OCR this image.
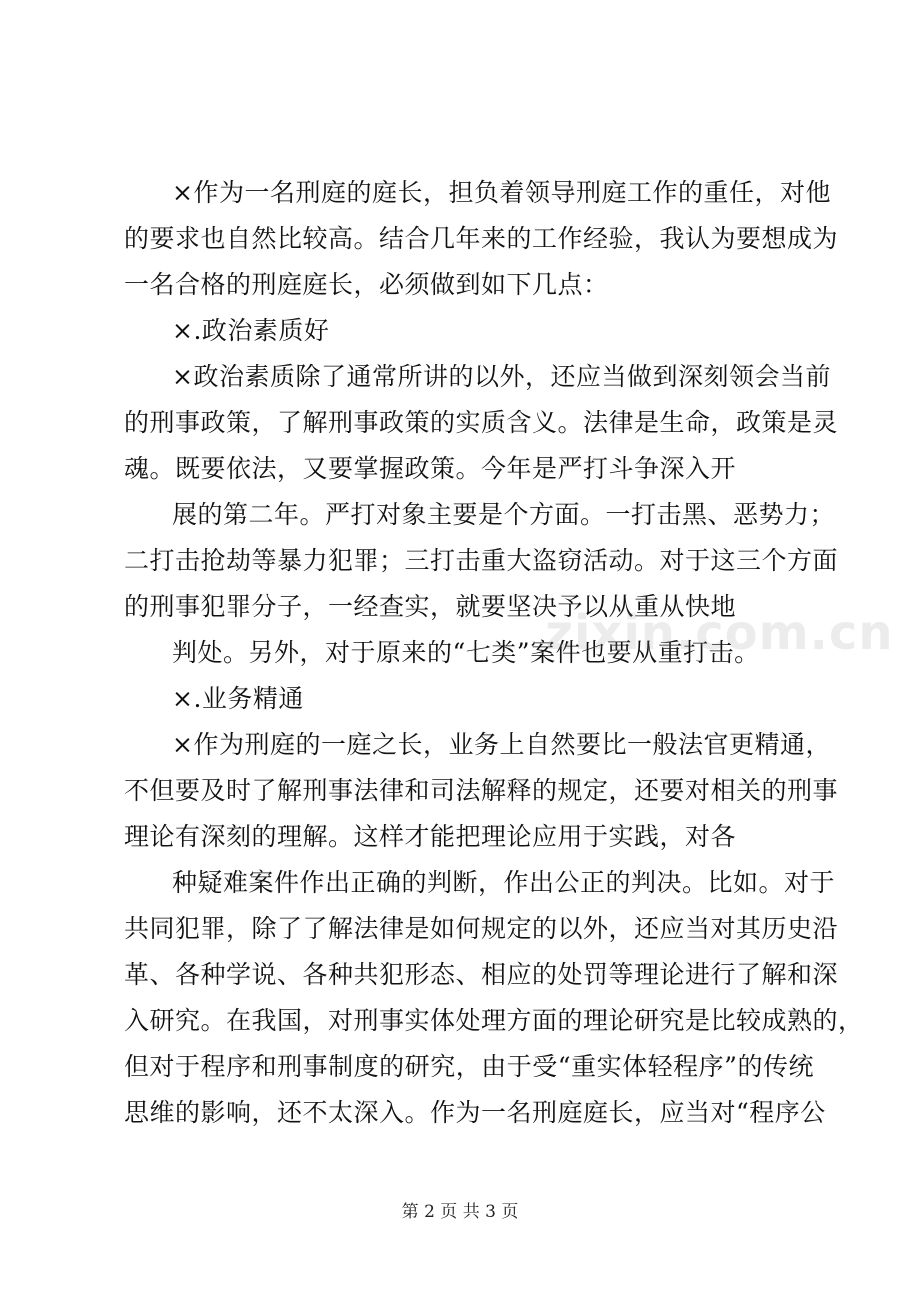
×作为一名刑庭的庭长，担负着领导刑庭工作的重任，对他
的要求也自然比较高。结合几年来的工作经验，我认为要想成为
一名合格的刑庭庭长，必须做到如下几点：
×.政治素质好
×政治素质除了通常所讲的以外，还应当做到深刻领会当前
的刑事政策，了解刑事政策的实质含义。法律是生命，政策是灵
魂。既要依法，又要掌握政策。今年是严打斗争深入开
展的第二年。严打对象主要是个方面。一打击黑、恶势力；
二打击抢劫等暴力犯罪；三打击重大盗窃活动。对于这三个方面
的刑事犯罪分子，一经查实，就要坚决予以从重从快地
判处。另外，对于原来的“七类”案件也要从重打击。
×.业务精通
×作为刑庭的一庭之长，业务上自然要比一般法官更精通，
不但要及时了解刑事法律和司法解释的规定，还要对相关的刑事
理论有深刻的理解。这样才能把理论应用于实践，对各
种疑难案件作出正确的判断，作出公正的判决。比如。对于
共同犯罪，除了了解法律是如何规定的以外，还应当对其历史沿
革、各种学说、各种共犯形态、相应的处罚等理论进行了解和深
入研究。在我国，对刑事实体处理方面的理论研究是比较成熟的，
但对于程序和刑事制度的研究，由于受“重实体轻程序”的传统
思维的影响，还不太深入。作为一名刑庭庭长，应当对“程序公
zixin.com.cn
第 2 页 共 3 页
